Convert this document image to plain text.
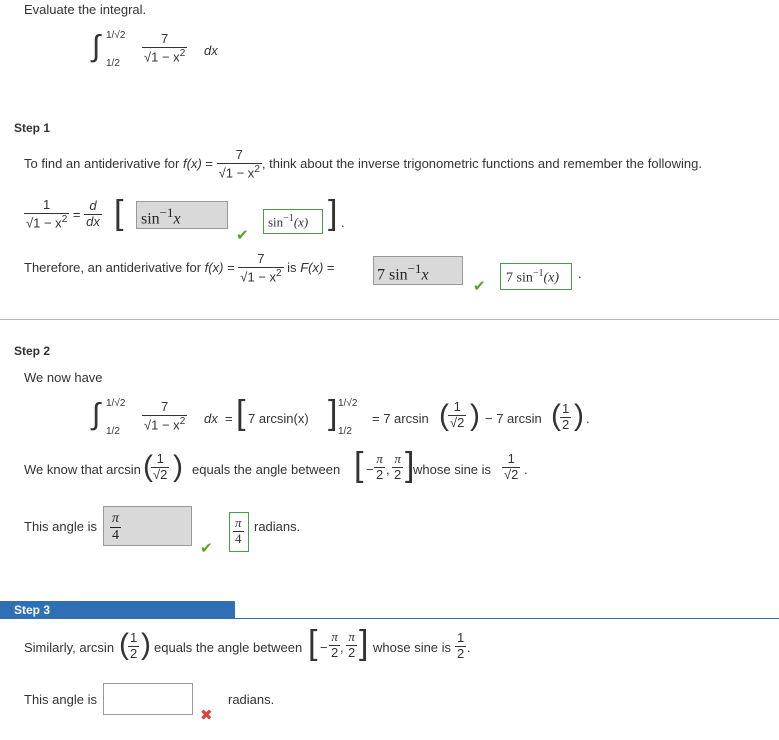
Evaluate the integral.
∫ 1/√2
$1/2 \frac{7}{√1 - x^2}$ dx
Step 1
To find an antiderivative for $f(x) = \frac{7}{√1 - x^2}$ , think about the inverse trigonometric functions and remember the following.
$\frac{1}{√1 - x^2} = \frac{d}{dx}$ [	$\sin^{-1}x$
✔
$\sin^{-1}(x)$ ] .
Therefore, an antiderivative for $f(x) = \frac{7}{√1 - x^2}$ is F(x) =	7 $\sin^{-1}x$
✔	7 $\sin^{-1}(x)$	.
Step 2
We now have
∫ 1/√2
$1/2 \frac{7}{√1 - x^2}$ dx = [ 7 arcsin(x) ] 1/√2
1/2
= 7 arcsin ( $\frac{1}{√2}$ ) − 7 arcsin ( $\frac{1}{2}$ ) .
We know that arcsin (
$\frac{1}{√2}$ ) equals the angle between [ − $\frac{\pi}{2}$ , $\frac{\pi}{2}$ ]
whose sine is $\frac{1}{√2}$ .
This angle is $\frac{\pi}{4}$
✔
$\frac{\pi}{4}$ radians.
Step 3
Similarly, arcsin ( $\frac{1}{2}$ ) equals the angle between [ − $\frac{\pi}{2}$ , $\frac{\pi}{2}$ ] whose sine is $\frac{1}{2}$ .
This angle is
✖
radians.
